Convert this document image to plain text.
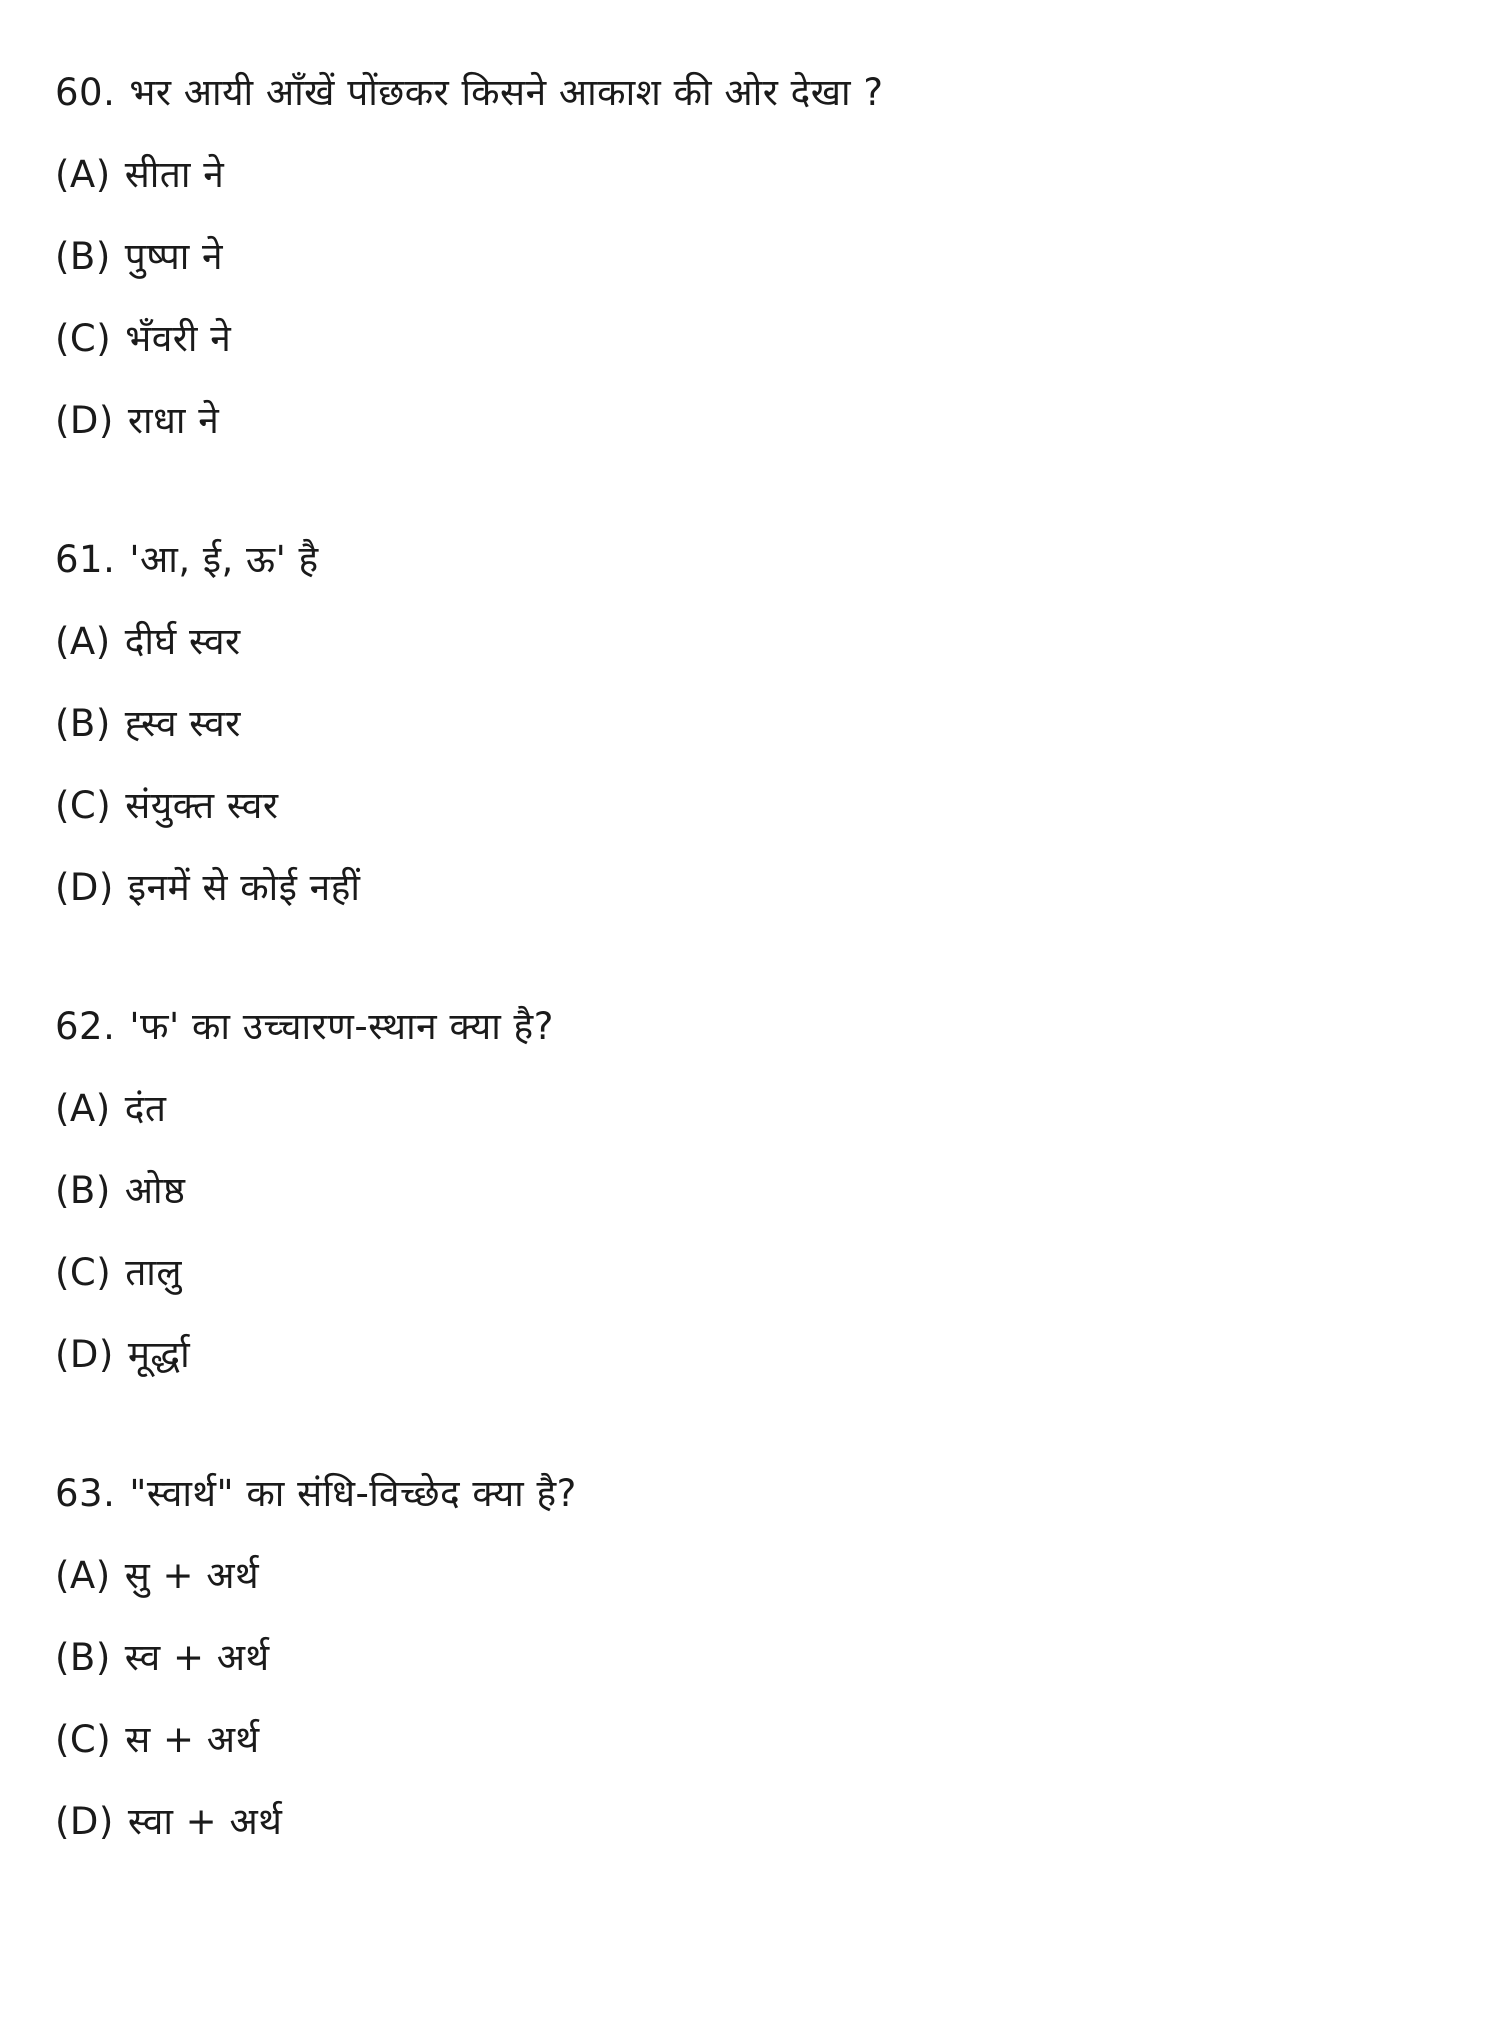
60. भर आयी आँखें पोंछकर किसने आकाश की ओर देखा ?
(A) सीता ने
(B) पुष्पा ने
(C) भँवरी ने
(D) राधा ने
61. 'आ, ई, ऊ' है
(A) दीर्घ स्वर
(B) ह्स्व स्वर
(C) संयुक्त स्वर
(D) इनमें से कोई नहीं
62. 'फ' का उच्चारण-स्थान क्या है?
(A) दंत
(B) ओष्ठ
(C) तालु
(D) मूर्द्धा
63. "स्वार्थ" का संधि-विच्छेद क्या है?
(A) सु + अर्थ
(B) स्व + अर्थ
(C) स + अर्थ
(D) स्वा + अर्थ
